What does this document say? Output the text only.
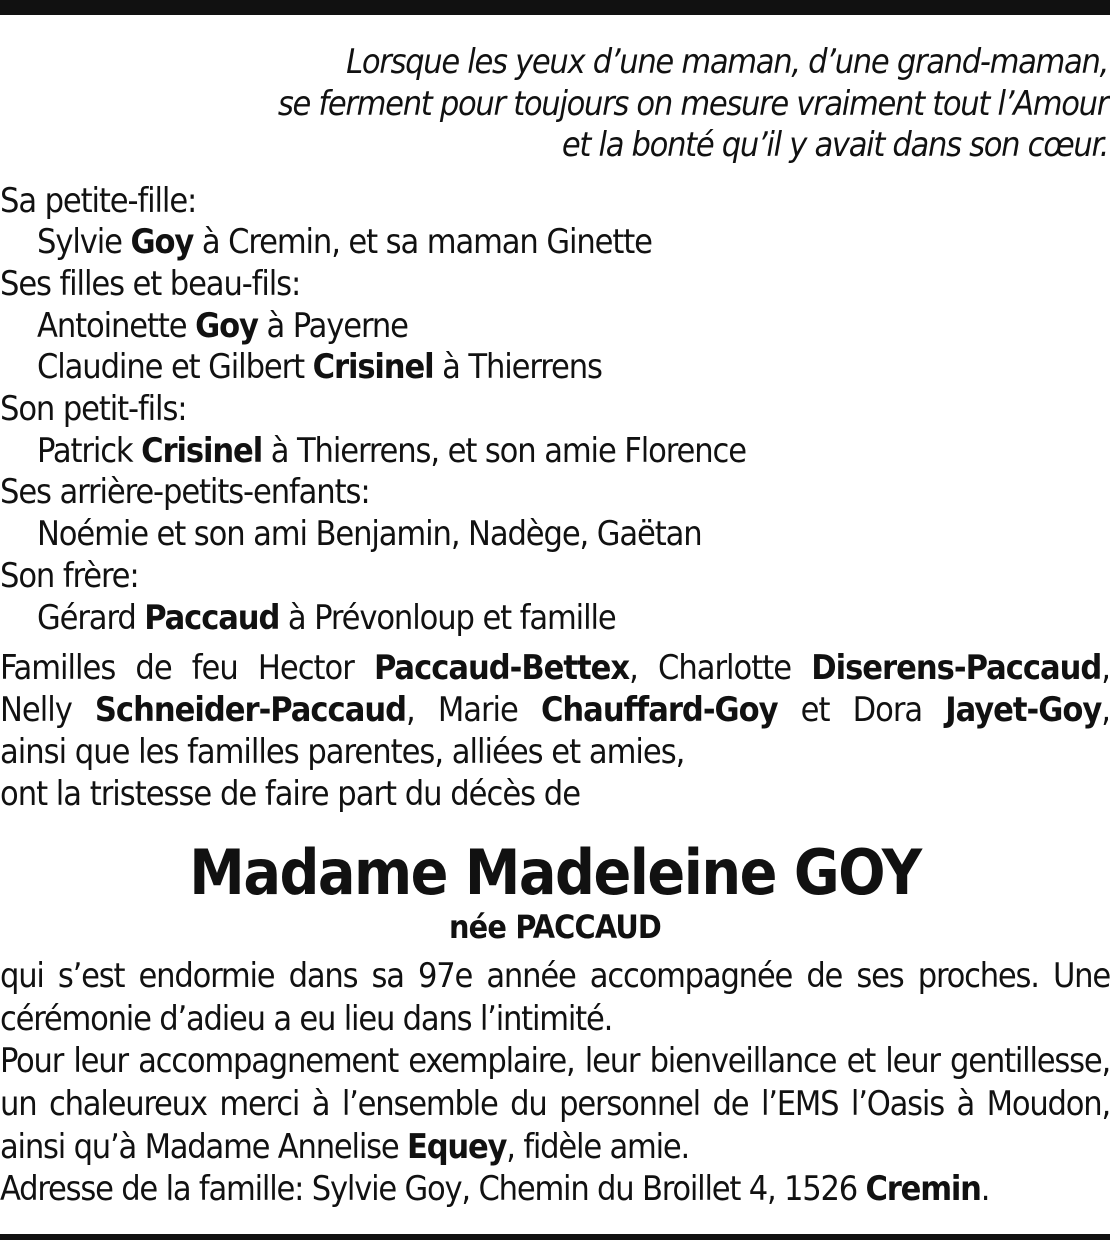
Lorsque les yeux d’une maman, d’une grand-maman,
se ferment pour toujours on mesure vraiment tout l’Amour
et la bonté qu’il y avait dans son cœur.
Sa petite-fille:
Sylvie Goy à Cremin, et sa maman Ginette
Ses filles et beau-fils:
Antoinette Goy à Payerne
Claudine et Gilbert Crisinel à Thierrens
Son petit-fils:
Patrick Crisinel à Thierrens, et son amie Florence
Ses arrière-petits-enfants:
Noémie et son ami Benjamin, Nadège, Gaëtan
Son frère:
Gérard Paccaud à Prévonloup et famille
Familles de feu Hector Paccaud-Bettex, Charlotte Diserens-Paccaud,
Nelly Schneider-Paccaud, Marie Chauffard-Goy et Dora Jayet-Goy,
ainsi que les familles parentes, alliées et amies,
ont la tristesse de faire part du décès de
Madame Madeleine GOY
née PACCAUD
qui s’est endormie dans sa 97e année accompagnée de ses proches. Une
cérémonie d’adieu a eu lieu dans l’intimité.
Pour leur accompagnement exemplaire, leur bienveillance et leur gentillesse,
un chaleureux merci à l’ensemble du personnel de l’EMS l’Oasis à Moudon,
ainsi qu’à Madame Annelise Equey, fidèle amie.
Adresse de la famille: Sylvie Goy, Chemin du Broillet 4, 1526 Cremin.
